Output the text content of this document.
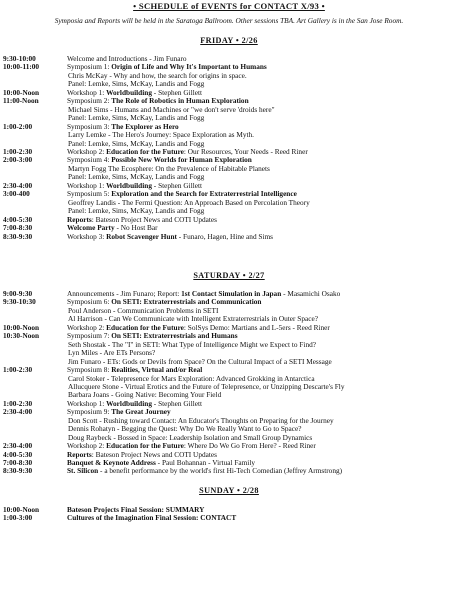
• SCHEDULE of EVENTS for CONTACT X/93 •
Symposia and Reports will be held in the Saratoga Ballroom. Other sessions TBA. Art Gallery is in the San Jose Room.
FRIDAY • 2/26
9:30-10:00	Welcome and Introductions - Jim Funaro
10:00-11:00	Symposium 1: Origin of Life and Why It's Important to Humans
Chris McKay - Why and how, the search for origins in space.
Panel: Lemke, Sims, McKay, Landis and Fogg
10:00-Noon	Workshop 1: Worldbuilding - Stephen Gillett
11:00-Noon	Symposium 2: The Role of Robotics in Human Exploration
Michael Sims - Humans and Machines or "we don't serve 'droids here"
Panel: Lemke, Sims, McKay, Landis and Fogg
1:00-2:00	Symposium 3: The Explorer as Hero
Larry Lemke - The Hero's Journey: Space Exploration as Myth.
Panel: Lemke, Sims, McKay, Landis and Fogg
1:00-2:30	Workshop 2: Education for the Future: Our Resources, Your Needs - Reed Riner
2:00-3:00	Symposium 4: Possible New Worlds for Human Exploration
Martyn Fogg The Ecosphere: On the Prevalence of Habitable Planets
Panel: Lemke, Sims, McKay, Landis and Fogg
2:30-4:00	Workshop 1: Worldbuilding - Stephen Gillett
3:00-400	Symposium 5: Exploration and the Search for Extraterrestrial Intelligence
Geoffrey Landis - The Fermi Question: An Approach Based on Percolation Theory
Panel: Lemke, Sims, McKay, Landis and Fogg
4:00-5:30	Reports: Bateson Project News and COTI Updates
7:00-8:30	Welcome Party - No Host Bar
8:30-9:30	Workshop 3: Robot Scavenger Hunt - Funaro, Hagen, Hine and Sims
SATURDAY • 2/27
9:00-9:30	Announcements - Jim Funaro; Report: 1st Contact Simulation in Japan - Masamichi Osako
9:30-10:30	Symposium 6: On SETI: Extraterrestrials and Communication
Poul Anderson - Communication Problems in SETI
Al Harrison - Can We Communicate with Intelligent Extraterrestrials in Outer Space?
10:00-Noon	Workshop 2: Education for the Future: SolSys Demo: Martians and L-5ers - Reed Riner
10:30-Noon	Symposium 7: On SETI: Extraterrestrials and Humans
Seth Shostak - The "I" in SETI: What Type of Intelligence Might we Expect to Find?
Lyn Miles - Are ETs Persons?
Jim Funaro - ETs: Gods or Devils from Space? On the Cultural Impact of a SETI Message
1:00-2:30	Symposium 8: Realities, Virtual and/or Real
Carol Stoker - Telepresence for Mars Exploration: Advanced Grokking in Antarctica
Allucquere Stone - Virtual Erotics and the Future of Telepresence, or Unzipping Descarte's Fly
Barbara Joans - Going Native: Becoming Your Field
1:00-2:30	Workshop 1: Worldbuilding - Stephen Gillett
2:30-4:00	Symposium 9: The Great Journey
Don Scott - Rushing toward Contact: An Educator's Thoughts on Preparing for the Journey
Dennis Rohatyn - Begging the Quest: Why Do We Really Want to Go to Space?
Doug Raybeck - Bossed in Space: Leadership Isolation and Small Group Dynamics
2:30-4:00	Workshop 2: Education for the Future: Where Do We Go From Here? - Reed Riner
4:00-5:30	Reports: Bateson Project News and COTI Updates
7:00-8:30	Banquet & Keynote Address - Paul Bohannan - Virtual Family
8:30-9:30	St. Silicon - a benefit performance by the world's first Hi-Tech Comedian (Jeffrey Armstrong)
SUNDAY • 2/28
10:00-Noon	Bateson Projects Final Session: SUMMARY
1:00-3:00	Cultures of the Imagination Final Session: CONTACT
